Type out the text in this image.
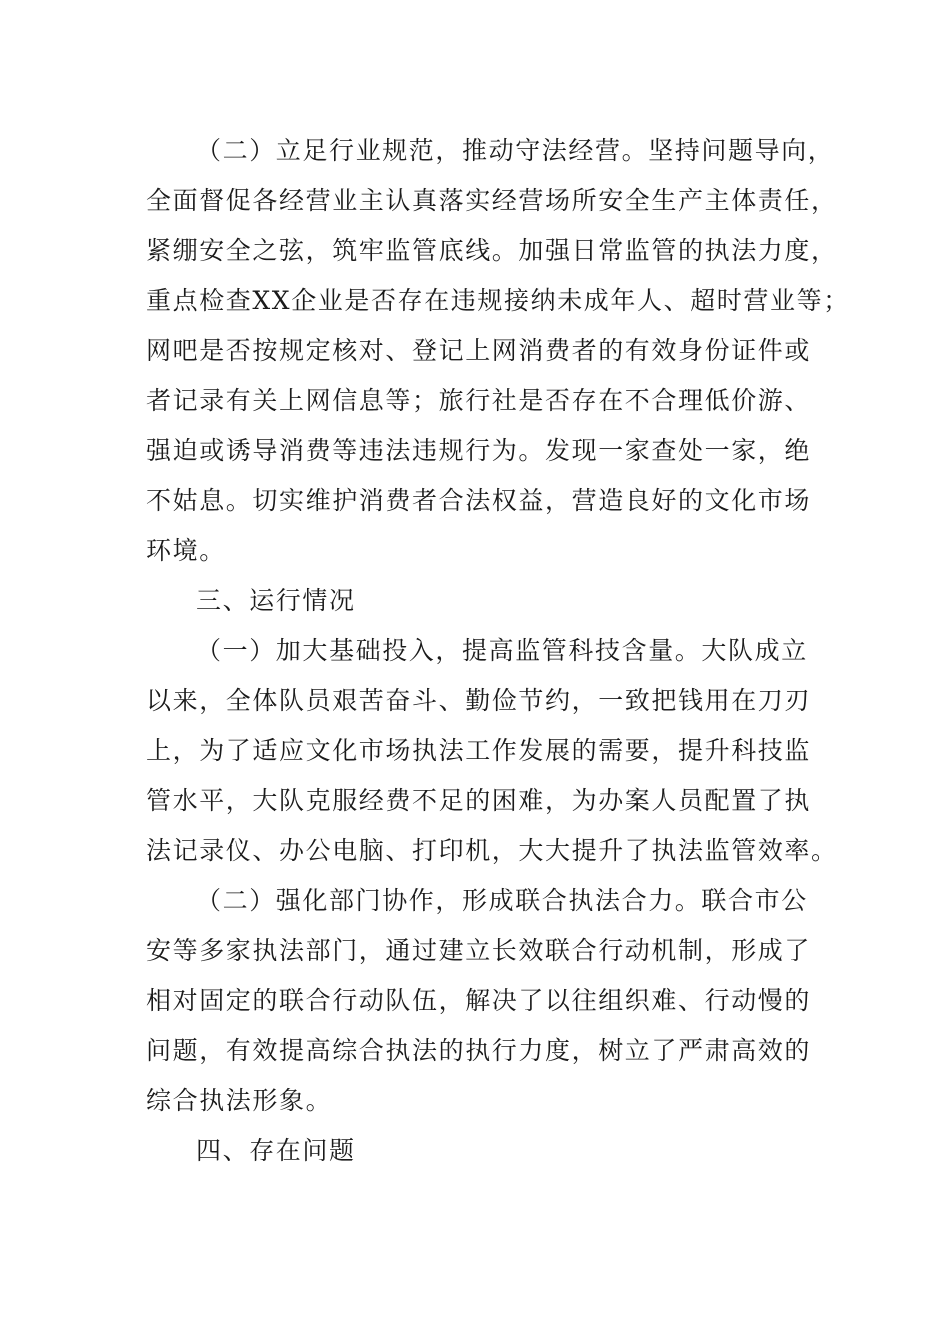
（二）立足行业规范，推动守法经营。坚持问题导向，

全面督促各经营业主认真落实经营场所安全生产主体责任，

紧绷安全之弦，筑牢监管底线。加强日常监管的执法力度，

重点检查XX企业是否存在违规接纳未成年人、超时营业等；

网吧是否按规定核对、登记上网消费者的有效身份证件或

者记录有关上网信息等；旅行社是否存在不合理低价游、

强迫或诱导消费等违法违规行为。发现一家查处一家，绝

不姑息。切实维护消费者合法权益，营造良好的文化市场

环境。

三、运行情况

（一）加大基础投入，提高监管科技含量。大队成立

以来，全体队员艰苦奋斗、勤俭节约，一致把钱用在刀刃

上，为了适应文化市场执法工作发展的需要，提升科技监

管水平，大队克服经费不足的困难，为办案人员配置了执

法记录仪、办公电脑、打印机，大大提升了执法监管效率。

（二）强化部门协作，形成联合执法合力。联合市公

安等多家执法部门，通过建立长效联合行动机制，形成了

相对固定的联合行动队伍，解决了以往组织难、行动慢的

问题，有效提高综合执法的执行力度，树立了严肃高效的

综合执法形象。

四、存在问题
